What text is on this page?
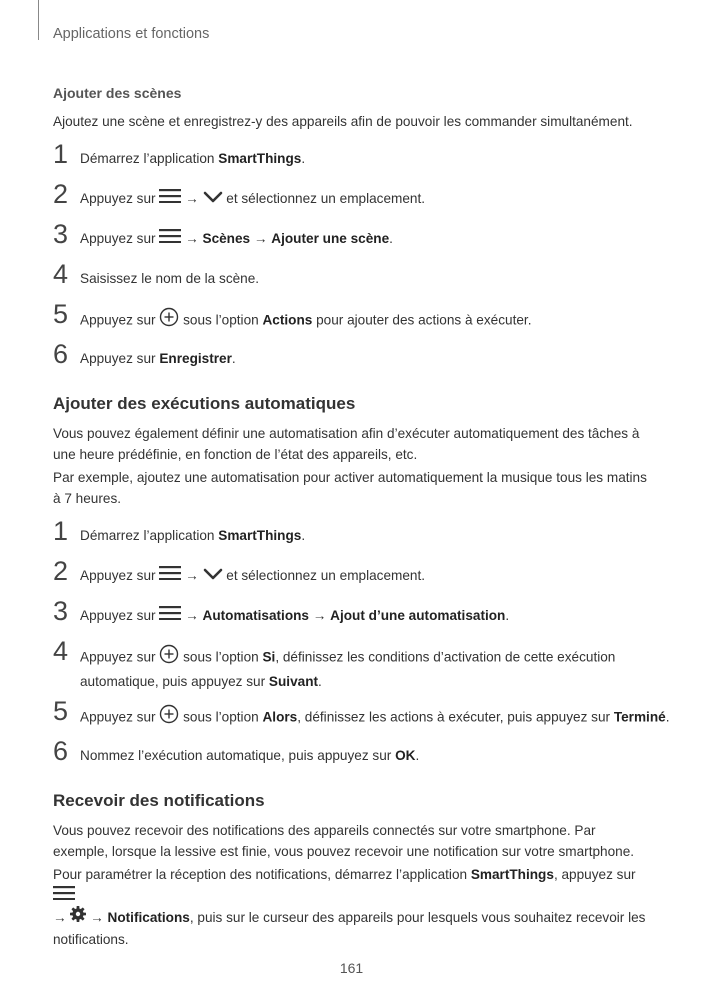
Applications et fonctions
Ajouter des scènes
Ajoutez une scène et enregistrez-y des appareils afin de pouvoir les commander simultanément.
1 Démarrez l’application SmartThings.
2 Appuyez sur  →  et sélectionnez un emplacement.
3 Appuyez sur  → Scènes → Ajouter une scène.
4 Saisissez le nom de la scène.
5 Appuyez sur  sous l’option Actions pour ajouter des actions à exécuter.
6 Appuyez sur Enregistrer.
Ajouter des exécutions automatiques
Vous pouvez également définir une automatisation afin d’exécuter automatiquement des tâches à une heure prédéfinie, en fonction de l’état des appareils, etc.
Par exemple, ajoutez une automatisation pour activer automatiquement la musique tous les matins à 7 heures.
1 Démarrez l’application SmartThings.
2 Appuyez sur  →  et sélectionnez un emplacement.
3 Appuyez sur  → Automatisations → Ajout d’une automatisation.
4 Appuyez sur  sous l’option Si, définissez les conditions d’activation de cette exécution automatique, puis appuyez sur Suivant.
5 Appuyez sur  sous l’option Alors, définissez les actions à exécuter, puis appuyez sur Terminé.
6 Nommez l’exécution automatique, puis appuyez sur OK.
Recevoir des notifications
Vous pouvez recevoir des notifications des appareils connectés sur votre smartphone. Par exemple, lorsque la lessive est finie, vous pouvez recevoir une notification sur votre smartphone.
Pour paramétrer la réception des notifications, démarrez l’application SmartThings, appuyez sur
→  → Notifications, puis sur le curseur des appareils pour lesquels vous souhaitez recevoir les notifications.
161
